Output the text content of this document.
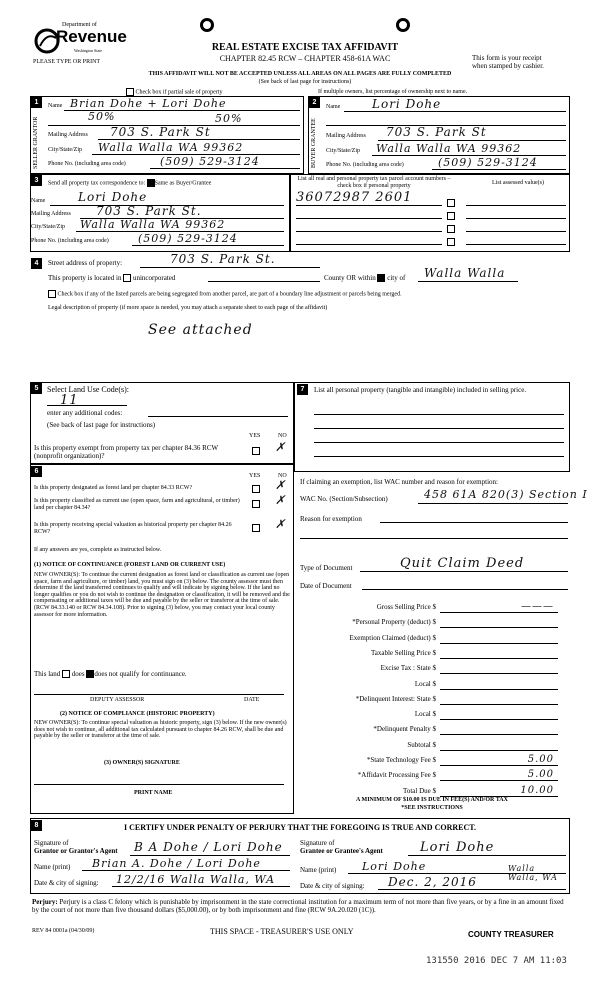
Department of
Revenue
Washington State
PLEASE TYPE OR PRINT
REAL ESTATE EXCISE TAX AFFIDAVIT
CHAPTER 82.45 RCW – CHAPTER 458-61A WAC
THIS AFFIDAVIT WILL NOT BE ACCEPTED UNLESS ALL AREAS ON ALL PAGES ARE FULLY COMPLETED
(See back of last page for instructions)
This form is your receipt
when stamped by cashier.
Check box if partial sale of property	If multiple owners, list percentage of ownership next to name.
1
SELLER GRANTOR
Name Brian Dohe + Lori Dohe
50%	50%
Mailing Address 703 S. Park St
City/State/Zip Walla Walla WA 99362
Phone No. (including area code)	(509) 529-3124
2
BUYER GRANTEE
Name	Lori Dohe
Mailing Address 703 S. Park St
City/State/Zip Walla Walla WA 99362
Phone No. (including area code)	(509) 529-3124
3	Send all property tax correspondence to: Same as Buyer/Grantee
Name	Lori Dohe
Mailing Address 703 S. Park St.
City/State/Zip Walla Walla WA 99362
Phone No. (including area code)	(509) 529-3124
List all real and personal property tax parcel account numbers – check box if personal property	List assessed value(s)
36072987 2601
4	Street address of property:	703 S. Park St.
This property is located in unincorporated	County OR within city of Walla Walla
Check box if any of the listed parcels are being segregated from another parcel, are part of a boundary line adjustment or parcels being merged.
Legal description of property (if more space is needed, you may attach a separate sheet to each page of the affidavit)
See attached
5	Select Land Use Code(s):
11
enter any additional codes:
(See back of last page for instructions)
YES	NO
Is this property exempt from property tax per chapter 84.36 RCW (nonprofit organization)?
✗
6
YES	NO
Is this property designated as forest land per chapter 84.33 RCW?	✗
Is this property classified as current use (open space, farm and agricultural, or timber) land per chapter 84.34?
✗
Is this property receiving special valuation as historical property per chapter 84.26 RCW?
✗
If any answers are yes, complete as instructed below.
(1) NOTICE OF CONTINUANCE (FOREST LAND OR CURRENT USE)
NEW OWNER(S): To continue the current designation as forest land or classification as current use (open space, farm and agriculture, or timber) land, you must sign on (3) below. The county assessor must then determine if the land transferred continues to qualify and will indicate by signing below. If the land no longer qualifies or you do not wish to continue the designation or classification, it will be removed and the compensating or additional taxes will be due and payable by the seller or transferor at the time of sale. (RCW 84.33.140 or RCW 84.34.108). Prior to signing (3) below, you may contact your local county assessor for more information.
This land does does not qualify for continuance.
DEPUTY ASSESSOR	DATE
(2) NOTICE OF COMPLIANCE (HISTORIC PROPERTY)
NEW OWNER(S): To continue special valuation as historic property, sign (3) below. If the new owner(s) does not wish to continue, all additional tax calculated pursuant to chapter 84.26 RCW, shall be due and payable by the seller or transferor at the time of sale.
(3) OWNER(S) SIGNATURE
PRINT NAME
7	List all personal property (tangible and intangible) included in selling price.
If claiming an exemption, list WAC number and reason for exemption:
WAC No. (Section/Subsection)	458 61A 820(3) Section I
Reason for exemption
Type of Document	Quit Claim Deed
Date of Document
Gross Selling Price $	———
*Personal Property (deduct) $
Exemption Claimed (deduct) $
Taxable Selling Price $
Excise Tax : State $
Local $
*Delinquent Interest: State $
Local $
*Delinquent Penalty $
Subtotal $
*State Technology Fee $	5.00
*Affidavit Processing Fee $	5.00
Total Due $	10.00
A MINIMUM OF $10.00 IS DUE IN FEE(S) AND/OR TAX
*SEE INSTRUCTIONS
8	I CERTIFY UNDER PENALTY OF PERJURY THAT THE FOREGOING IS TRUE AND CORRECT.
Signature of
Grantor or Grantor's Agent B A Dohe / Lori Dohe
Name (print) Brian A. Dohe / Lori Dohe
Date & city of signing: 12/2/16 Walla Walla, WA
Signature of
Grantee or Grantee's Agent	Lori Dohe
Name (print) Lori Dohe
Date & city of signing: Dec. 2, 2016
Walla Walla, WA
Perjury: Perjury is a class C felony which is punishable by imprisonment in the state correctional institution for a maximum term of not more than five years, or by a fine in an amount fixed by the court of not more than five thousand dollars ($5,000.00), or by both imprisonment and fine (RCW 9A.20.020 (1C)).
REV 84 0001a (04/30/09)	THIS SPACE - TREASURER'S USE ONLY	COUNTY TREASURER
131550 2016 DEC 7 AM 11:03
